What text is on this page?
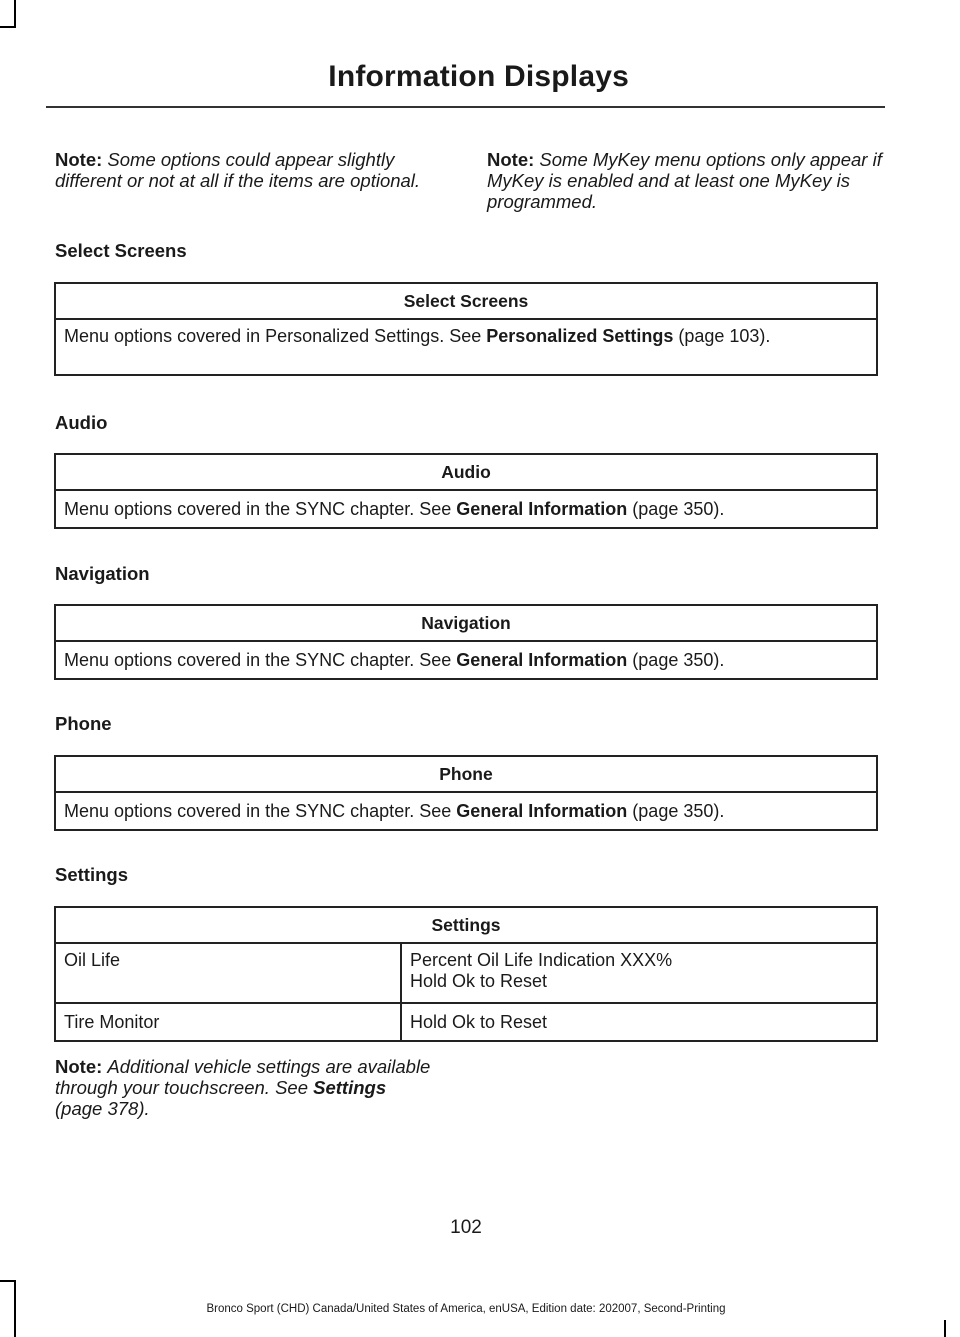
Information Displays
Note: Some options could appear slightly different or not at all if the items are optional.
Note: Some MyKey menu options only appear if MyKey is enabled and at least one MyKey is programmed.
Select Screens
Select Screens
Menu options covered in Personalized Settings. See Personalized Settings (page 103).
Audio
Audio
Menu options covered in the SYNC chapter. See General Information (page 350).
Navigation
Navigation
Menu options covered in the SYNC chapter. See General Information (page 350).
Phone
Phone
Menu options covered in the SYNC chapter. See General Information (page 350).
Settings
Settings	
Oil Life	Percent Oil Life Indication XXX%
Hold Ok to Reset

Tire Monitor	Hold Ok to Reset
Note: Additional vehicle settings are available through your touchscreen. See Settings (page 378).
102
Bronco Sport (CHD) Canada/United States of America, enUSA, Edition date: 202007, Second-Printing
